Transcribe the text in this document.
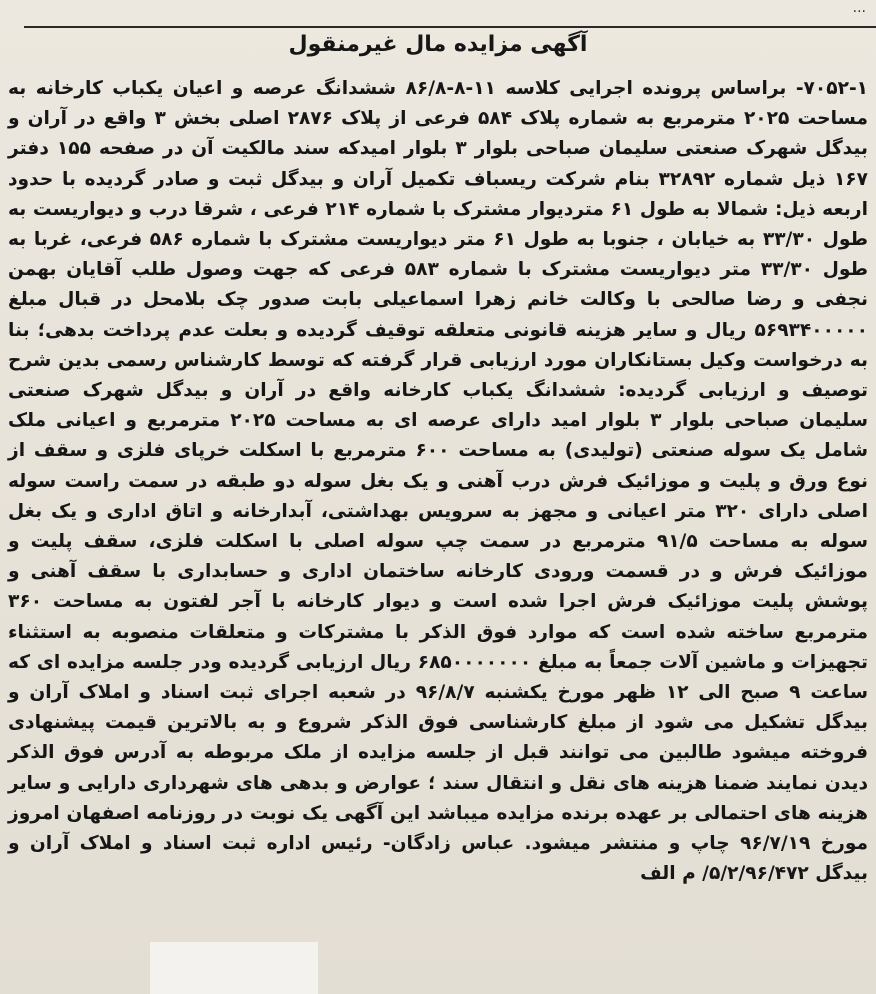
...
آگهی مزایده مال غیرمنقول

۷۰۵۲-۱- براساس پرونده اجرایی کلاسه ۱۱-۸-۸۶/۸ ششدانگ عرصه و اعیان یکباب کارخانه به مساحت ۲۰۲۵ مترمربع به شماره پلاک ۵۸۴ فرعی از پلاک ۲۸۷۶ اصلی بخش ۳ واقع در آران و بیدگل شهرک صنعتی سلیمان صباحی بلوار ۳ بلوار امیدکه سند مالکیت آن در صفحه ۱۵۵ دفتر ۱۶۷ ذیل شماره ۳۲۸۹۲ بنام شرکت ریسباف تکمیل آران و بیدگل ثبت و صادر گردیده با حدود اربعه ذیل: شمالا به طول ۶۱ متردیوار مشترک با شماره ۲۱۴ فرعی ، شرقا درب و دیواریست به طول ۳۳/۳۰ به خیابان ، جنوبا به طول ۶۱ متر دیواریست مشترک با شماره ۵۸۶ فرعی، غربا به طول ۳۳/۳۰ متر دیواریست مشترک با شماره ۵۸۳ فرعی که جهت وصول طلب آقایان بهمن نجفی و رضا صالحی با وکالت خانم زهرا اسماعیلی بابت صدور چک بلامحل در قبال مبلغ ۵۶۹۳۴۰۰۰۰۰ ریال و سایر هزینه قانونی متعلقه توقیف گردیده و بعلت عدم پرداخت بدهی؛ بنا به درخواست وکیل بستانکاران مورد ارزیابی قرار گرفته که توسط کارشناس رسمی بدین شرح توصیف و ارزیابی گردیده: ششدانگ یکباب کارخانه واقع در آران و بیدگل شهرک صنعتی سلیمان صباحی بلوار ۳ بلوار امید دارای عرصه ای به مساحت ۲۰۲۵ مترمربع و اعیانی ملک شامل یک سوله صنعتی (تولیدی) به مساحت ۶۰۰ مترمربع با اسکلت خرپای فلزی و سقف از نوع ورق و پلیت و موزائیک فرش درب آهنی و یک بغل سوله دو طبقه در سمت راست سوله اصلی دارای ۳۲۰ متر اعیانی و مجهز به سرویس بهداشتی، آبدارخانه و اتاق اداری و یک بغل سوله به مساحت ۹۱/۵ مترمربع در سمت چپ سوله اصلی با اسکلت فلزی، سقف پلیت و موزائیک فرش و در قسمت ورودی کارخانه ساختمان اداری و حسابداری با سقف آهنی و پوشش پلیت موزائیک فرش اجرا شده است و دیوار کارخانه با آجر لفتون به مساحت ۳۶۰ مترمربع ساخته شده است که موارد فوق الذکر با مشترکات و متعلقات منصوبه به استثناء تجهیزات و ماشین آلات جمعاً به مبلغ ۶۸۵۰۰۰۰۰۰۰ ریال ارزیابی گردیده ودر جلسه مزایده ای که ساعت ۹ صبح الی ۱۲ ظهر مورخ یکشنبه ۹۶/۸/۷ در شعبه اجرای ثبت اسناد و املاک آران و بیدگل تشکیل می شود از مبلغ کارشناسی فوق الذکر شروع و به بالاترین قیمت پیشنهادی فروخته میشود طالبین می توانند قبل از جلسه مزایده از ملک مربوطه به آدرس فوق الذکر دیدن نمایند ضمنا هزینه های نقل و انتقال سند ؛ عوارض و بدهی های شهرداری دارایی و سایر هزینه های احتمالی بر عهده برنده مزایده میباشد این آگهی یک نوبت در روزنامه اصفهان امروز مورخ ۹۶/۷/۱۹ چاپ و منتشر میشود. عباس زادگان- رئیس اداره ثبت اسناد و املاک آران و بیدگل ۵/۲/۹۶/۴۷۲/ م الف
